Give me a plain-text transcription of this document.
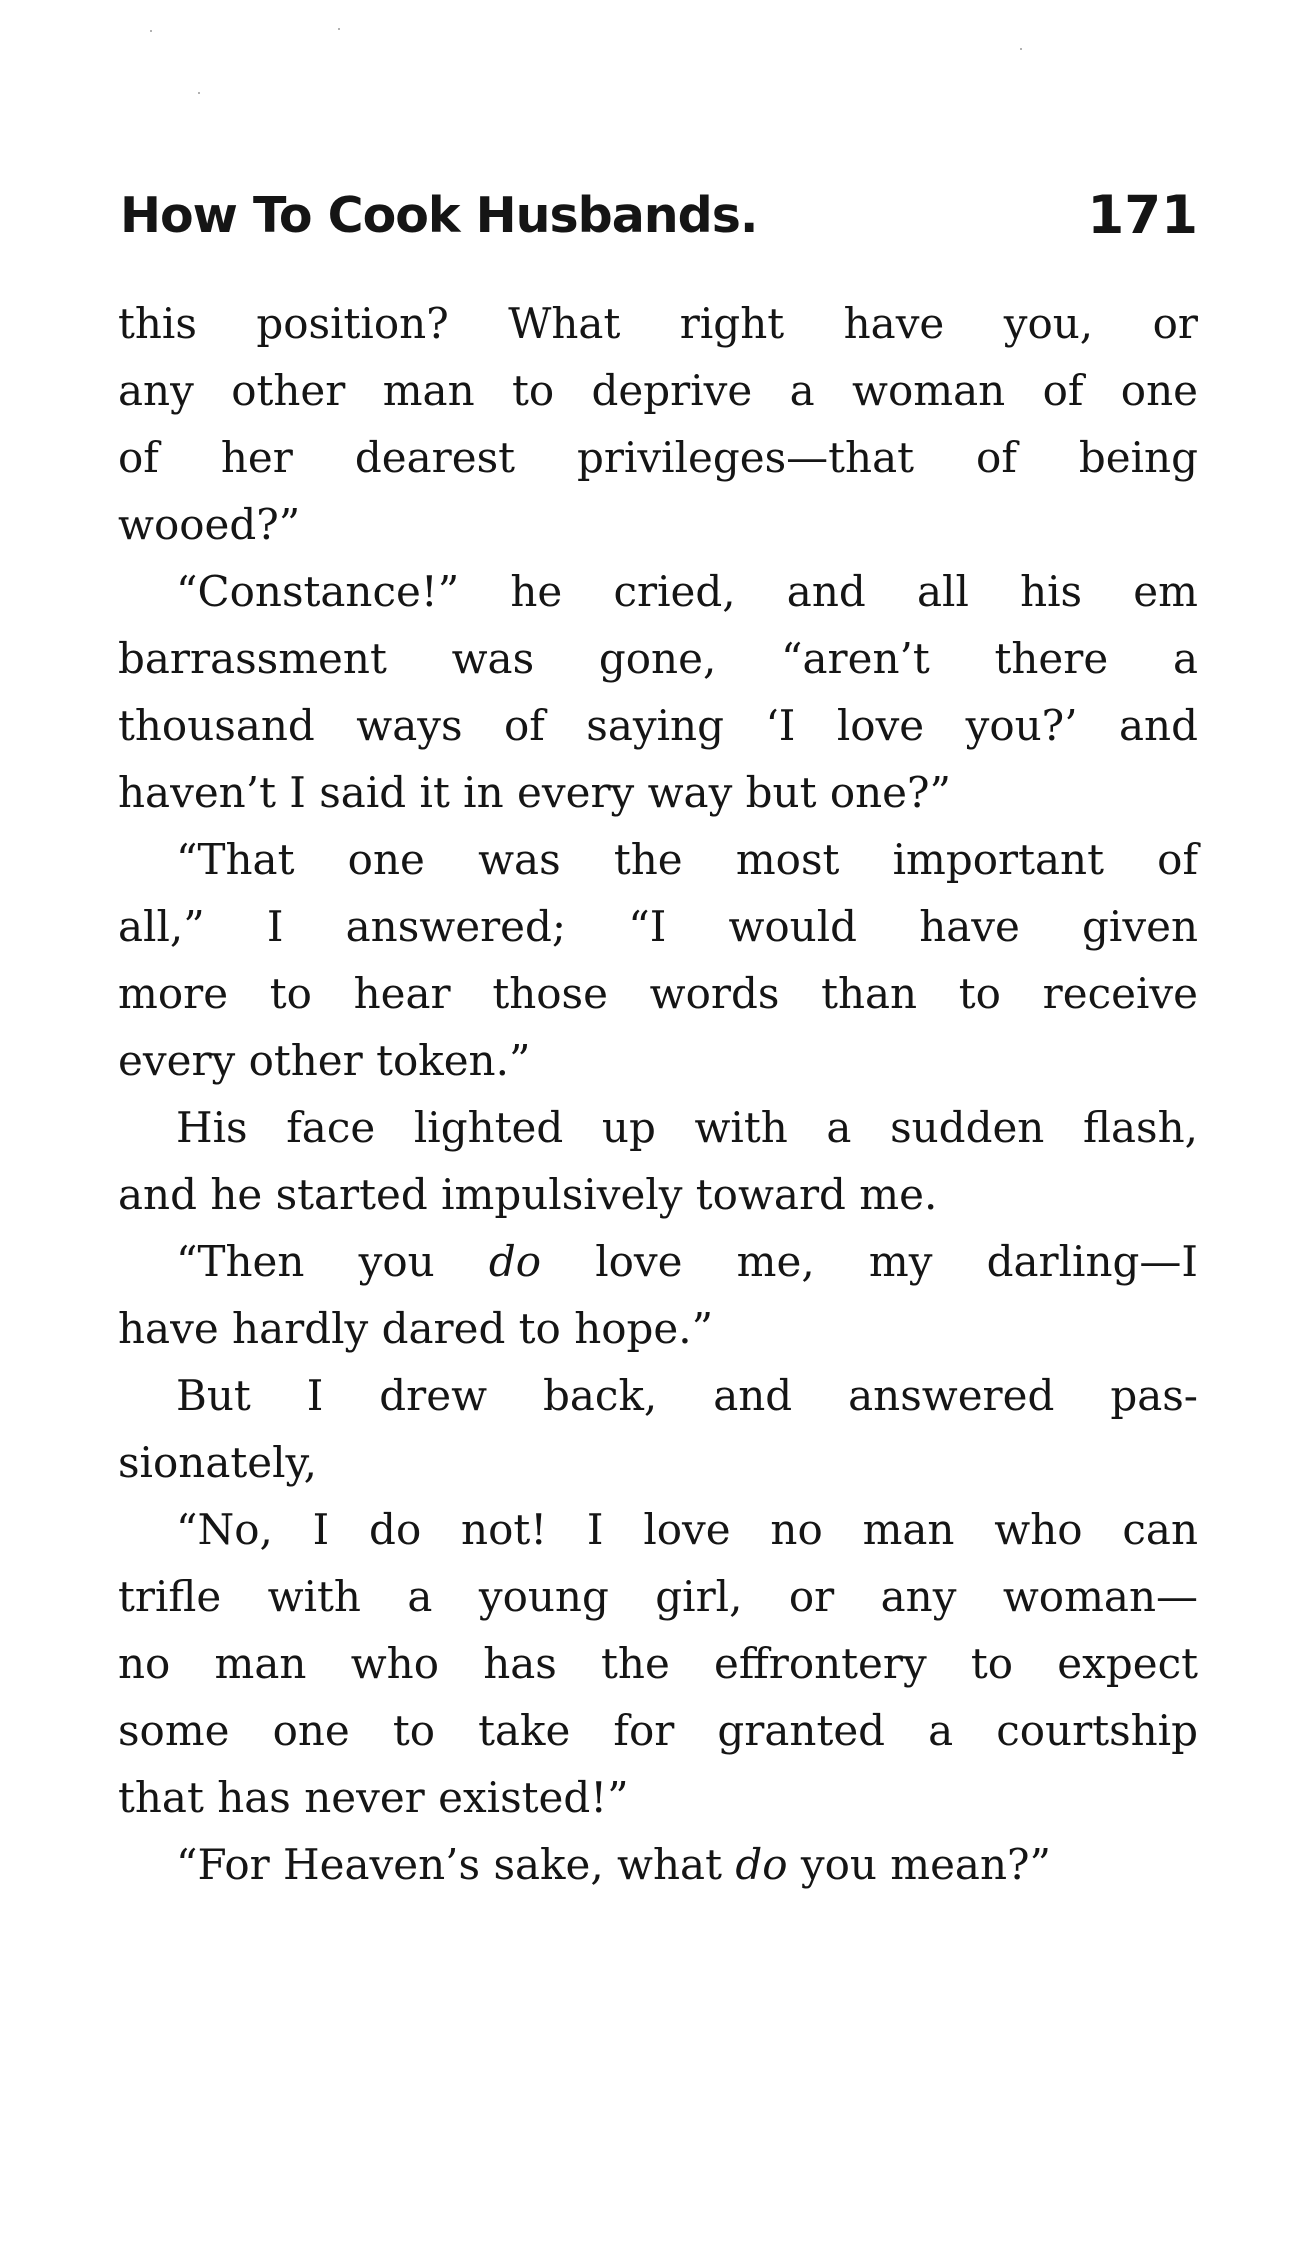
How To Cook Husbands.	171
this position? What right have you, or
any other man to deprive a woman of one
of her dearest privileges—that of being
wooed?”
“Constance!” he cried, and all his em
barrassment was gone, “aren’t there a
thousand ways of saying ‘I love you?’ and
haven’t I said it in every way but one?”
“That one was the most important of
all,” I answered; “I would have given
more to hear those words than to receive
every other token.”
His face lighted up with a sudden flash,
and he started impulsively toward me.
“Then you do love me, my darling—I
have hardly dared to hope.”
But I drew back, and answered pas-
sionately,
“No, I do not! I love no man who can
trifle with a young girl, or any woman—
no man who has the effrontery to expect
some one to take for granted a courtship
that has never existed!”
“For Heaven’s sake, what do you mean?”
